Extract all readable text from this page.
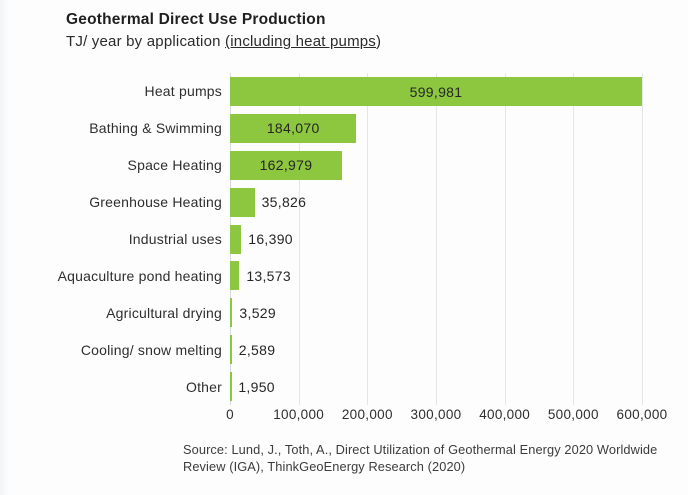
Geothermal Direct Use Production
TJ/ year by application (including heat pumps)
Heat pumps	599,981
Bathing & Swimming	184,070
Space Heating	162,979
Greenhouse Heating	35,826
Industrial uses 16,390
Aquaculture pond heating 13,573
Agricultural drying 3,529
Cooling/ snow melting 2,589
Other 1,950
0	100,000 200,000 300,000 400,000 500,000 600,000
Source: Lund, J., Toth, A., Direct Utilization of Geothermal Energy 2020 Worldwide
Review (IGA), ThinkGeoEnergy Research (2020)
